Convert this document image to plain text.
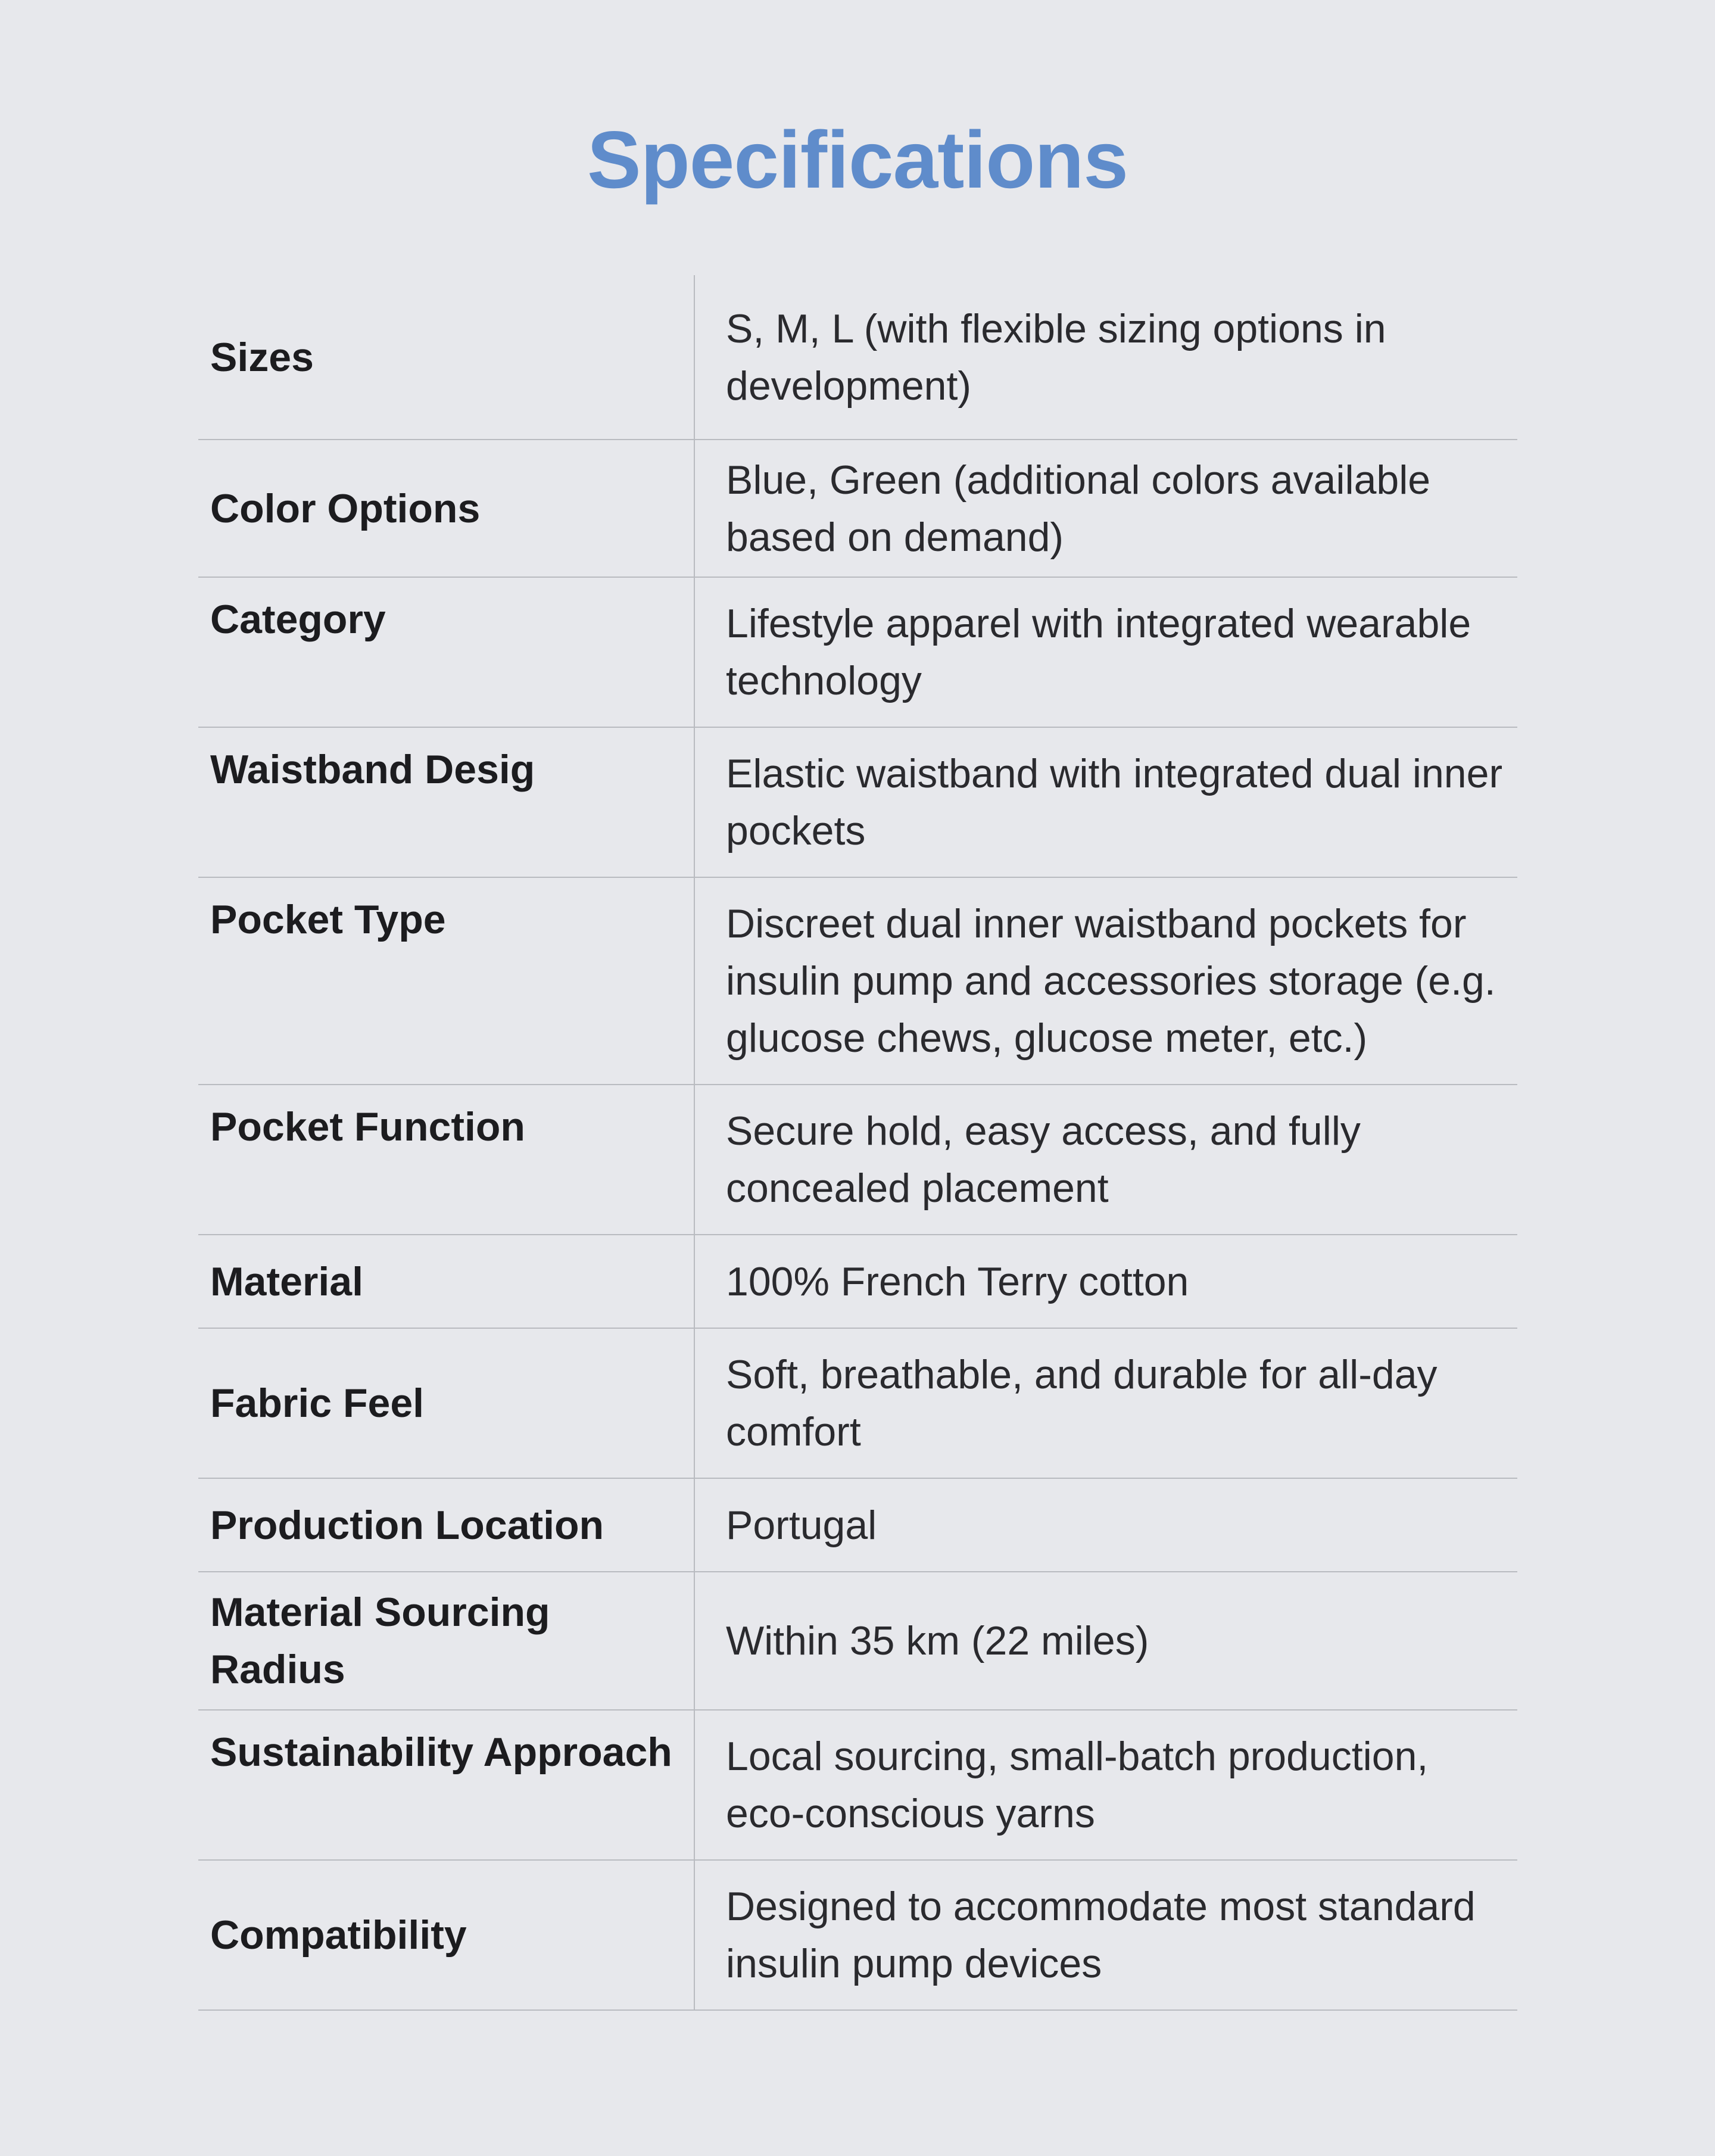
Specifications
Sizes	S, M, L (with flexible sizing options in development)
Color Options	Blue, Green (additional colors available based on demand)
Category	Lifestyle apparel with integrated wearable technology
Waistband Desig	Elastic waistband with integrated dual inner pockets
Pocket Type	Discreet dual inner waistband pockets for insulin pump and accessories storage (e.g. glucose chews, glucose meter, etc.)
Pocket Function	Secure hold, easy access, and fully concealed placement
Material	100% French Terry cotton
Fabric Feel	Soft, breathable, and durable for all-day comfort
Production Location	Portugal
Material Sourcing Radius	Within 35 km (22 miles)
Sustainability Approach	Local sourcing, small-batch production, eco-conscious yarns
Compatibility	Designed to accommodate most standard insulin pump devices
